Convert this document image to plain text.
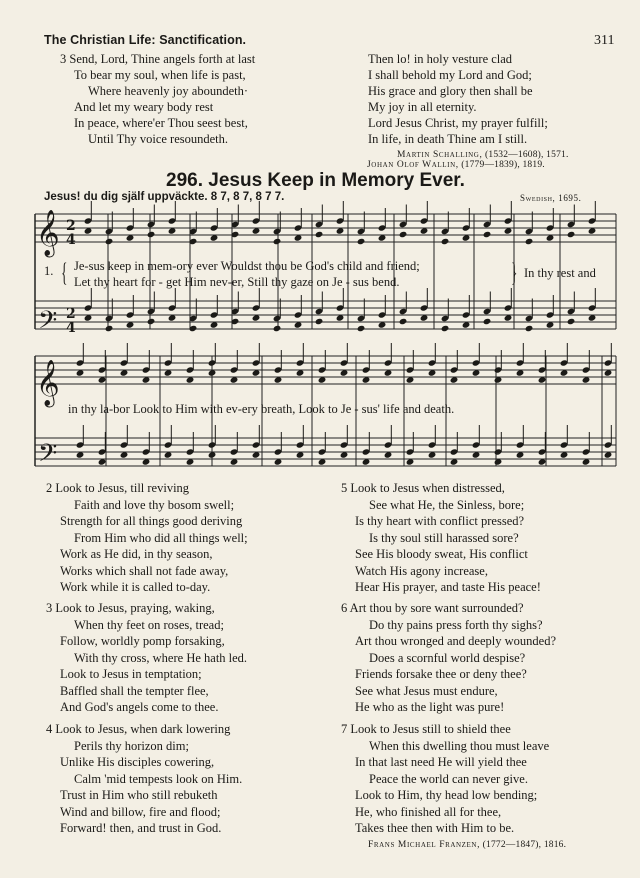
The Christian Life: Sanctification.	311
3 Send, Lord, Thine angels forth at last
To bear my soul, when life is past,
Where heavenly joy aboundeth·
And let my weary body rest
In peace, where'er Thou seest best,
Until Thy voice resoundeth.
Then lo! in holy vesture clad
I shall behold my Lord and God;
His grace and glory then shall be
My joy in all eternity.
Lord Jesus Christ, my prayer fulfill;
In life, in death Thine am I still.
Martin Schalling, (1532—1608), 1571.
Johan Olof Wallin, (1779—1839), 1819.
296. Jesus Keep in Memory Ever.
Jesus! du dig själf uppväckte. 8 7, 8 7, 8 7 7.	Swedish, 1695.
𝄞
𝄞
𝄢
𝄢
2
4
2
4
1. { Je-sus keep in mem-ory ever Wouldst thou be God's child and friend;
Let thy heart for - get Him nev-er, Still thy gaze on Je - sus bend.	} In thy rest and
in thy la-bor Look to Him with ev-ery breath, Look to Je - sus' life and death.
2 Look to Jesus, till reviving
Faith and love thy bosom swell;
Strength for all things good deriving
From Him who did all things well;
Work as He did, in thy season,
Works which shall not fade away,
Work while it is called to-day.
3 Look to Jesus, praying, waking,
When thy feet on roses, tread;
Follow, worldly pomp forsaking,
With thy cross, where He hath led.
Look to Jesus in temptation;
Baffled shall the tempter flee,
And God's angels come to thee.
4 Look to Jesus, when dark lowering
Perils thy horizon dim;
Unlike His disciples cowering,
Calm 'mid tempests look on Him.
Trust in Him who still rebuketh
Wind and billow, fire and flood;
Forward! then, and trust in God.
5 Look to Jesus when distressed,
See what He, the Sinless, bore;
Is thy heart with conflict pressed?
Is thy soul still harassed sore?
See His bloody sweat, His conflict
Watch His agony increase,
Hear His prayer, and taste His peace!
6 Art thou by sore want surrounded?
Do thy pains press forth thy sighs?
Art thou wronged and deeply wounded?
Does a scornful world despise?
Friends forsake thee or deny thee?
See what Jesus must endure,
He who as the light was pure!
7 Look to Jesus still to shield thee
When this dwelling thou must leave
In that last need He will yield thee
Peace the world can never give.
Look to Him, thy head low bending;
He, who finished all for thee,
Takes thee then with Him to be.
Frans Michael Franzen, (1772—1847), 1816.
